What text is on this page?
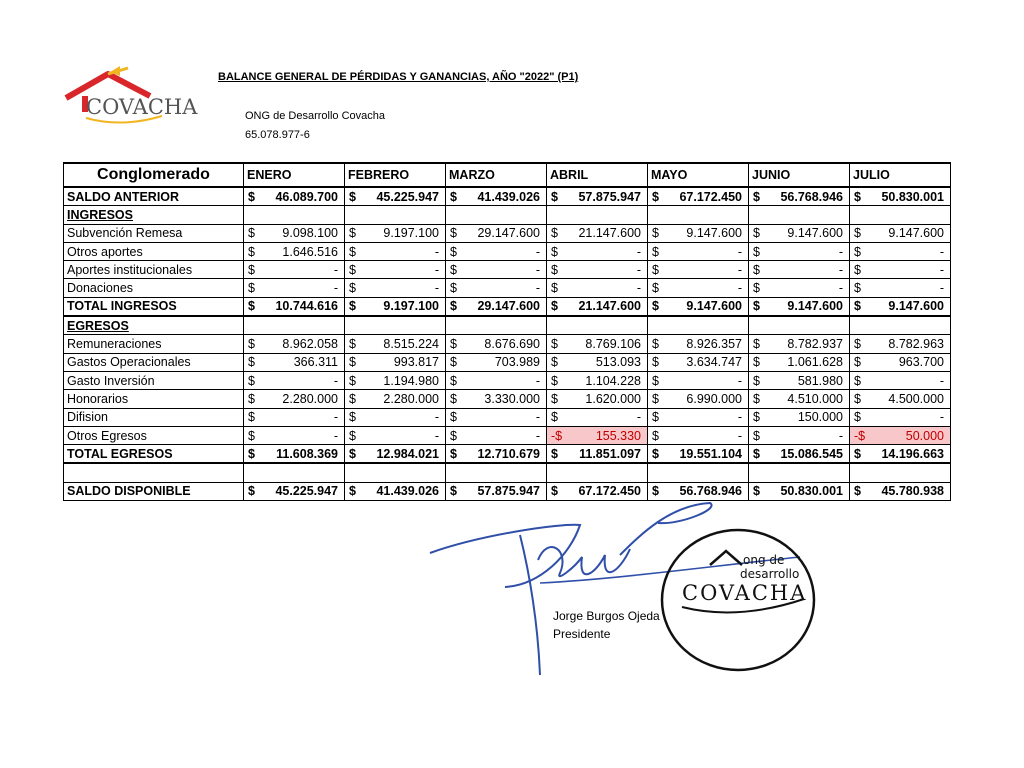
COVACHA
BALANCE GENERAL DE PÉRDIDAS Y GANANCIAS, AÑO "2022" (P1)
ONG de Desarrollo Covacha
65.078.977-6
Conglomerado	ENERO	FEBRERO	MARZO	ABRIL	MAYO	JUNIO	JULIO
SALDO ANTERIOR	$ 46.089.700	$ 45.225.947	$ 41.439.026	$ 57.875.947	$ 67.172.450	$ 56.768.946	$ 50.830.001

INGRESOS							
Subvención Remesa	$ 9.098.100	$ 9.197.100	$ 29.147.600	$ 21.147.600	$ 9.147.600	$ 9.147.600	$ 9.147.600

Otros aportes	$ 1.646.516	$ -	$ -	$ -	$ -	$ -	$ -

Aportes institucionales	$ -	$ -	$ -	$ -	$ -	$ -	$ -

Donaciones	$ -	$ -	$ -	$ -	$ -	$ -	$ -

TOTAL INGRESOS	$ 10.744.616	$ 9.197.100	$ 29.147.600	$ 21.147.600	$ 9.147.600	$ 9.147.600	$ 9.147.600

EGRESOS							
Remuneraciones	$ 8.962.058	$ 8.515.224	$ 8.676.690	$ 8.769.106	$ 8.926.357	$ 8.782.937	$ 8.782.963

Gastos Operacionales	$ 366.311	$ 993.817	$ 703.989	$ 513.093	$ 3.634.747	$ 1.061.628	$ 963.700

Gasto Inversión	$ -	$ 1.194.980	$ -	$ 1.104.228	$ -	$ 581.980	$ -

Honorarios	$ 2.280.000	$ 2.280.000	$ 3.330.000	$ 1.620.000	$ 6.990.000	$ 4.510.000	$ 4.500.000

Difision	$ -	$ -	$ -	$ -	$ -	$ 150.000	$ -

Otros Egresos	$ -	$ -	$ -	-$ 155.330	$ -	$ -	-$ 50.000

TOTAL EGRESOS	$ 11.608.369	$ 12.984.021	$ 12.710.679	$ 11.851.097	$ 19.551.104	$ 15.086.545	$ 14.196.663

SALDO DISPONIBLE	$ 45.225.947	$ 41.439.026	$ 57.875.947	$ 67.172.450	$ 56.768.946	$ 50.830.001	$ 45.780.938
ong de
desarrollo
COVACHA
Jorge Burgos Ojeda
Presidente
